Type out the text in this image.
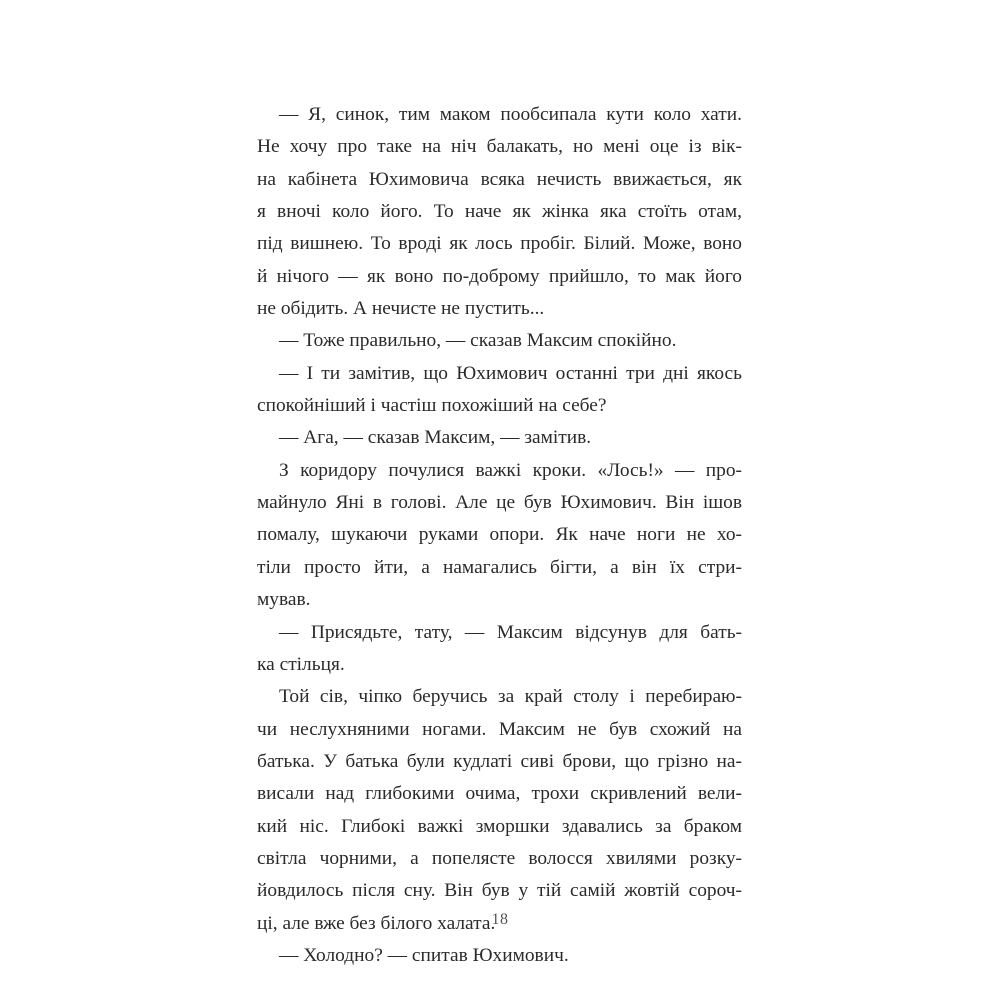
— Я, синок, тим маком пообсипала кути коло хати.
Не хочу про таке на ніч балакать, но мені оце із вік-
на кабінета Юхимовича всяка нечисть ввижається, як
я вночі коло його. То наче як жінка яка стоїть отам,
під вишнею. То вроді як лось пробіг. Білий. Може, воно
й нічого — як воно по-доброму прийшло, то мак його
не обідить. А нечисте не пустить...
— Тоже правильно, — сказав Максим спокійно.
— І ти замітив, що Юхимович останні три дні якось
спокойніший і частіш похожіший на себе?
— Ага, — сказав Максим, — замітив.
З коридору почулися важкі кроки. «Лось!» — про-
майнуло Яні в голові. Але це був Юхимович. Він ішов
помалу, шукаючи руками опори. Як наче ноги не хо-
тіли просто йти, а намагались бігти, а він їх стри-
мував.
— Присядьте, тату, — Максим відсунув для бать-
ка стільця.
Той сів, чіпко беручись за край столу і перебираю-
чи неслухняними ногами. Максим не був схожий на
батька. У батька були кудлаті сиві брови, що грізно на-
висали над глибокими очима, трохи скривлений вели-
кий ніс. Глибокі важкі зморшки здавались за браком
світла чорними, а попелясте волосся хвилями розку-
йовдилось після сну. Він був у тій самій жовтій сороч-
ці, але вже без білого халата.
— Холодно? — спитав Юхимович.
18
